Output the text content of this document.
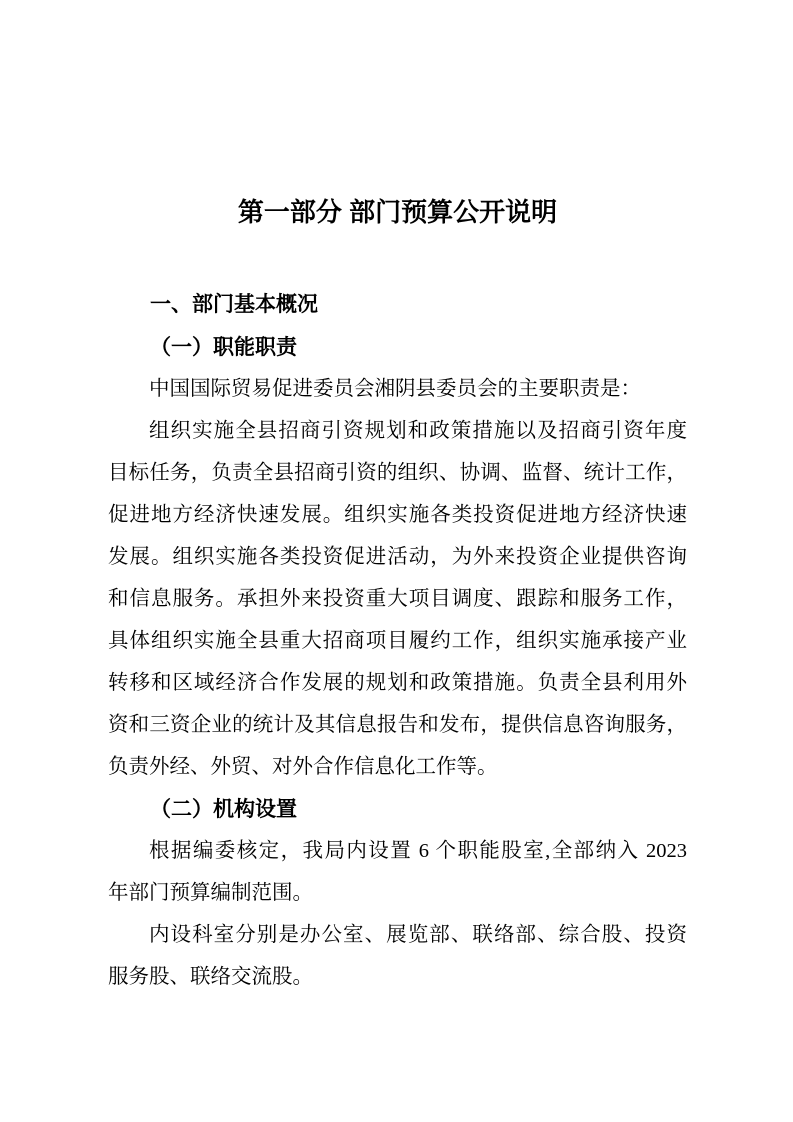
第一部分 部门预算公开说明
一、部门基本概况
（一）职能职责
中国国际贸易促进委员会湘阴县委员会的主要职责是：
组织实施全县招商引资规划和政策措施以及招商引资年度
目标任务，负责全县招商引资的组织、协调、监督、统计工作，
促进地方经济快速发展。组织实施各类投资促进地方经济快速
发展。组织实施各类投资促进活动，为外来投资企业提供咨询
和信息服务。承担外来投资重大项目调度、跟踪和服务工作，
具体组织实施全县重大招商项目履约工作，组织实施承接产业
转移和区域经济合作发展的规划和政策措施。负责全县利用外
资和三资企业的统计及其信息报告和发布，提供信息咨询服务，
负责外经、外贸、对外合作信息化工作等。
（二）机构设置
根据编委核定，我局内设置 6 个职能股室,全部纳入 2023
年部门预算编制范围。
内设科室分别是办公室、展览部、联络部、综合股、投资
服务股、联络交流股。
